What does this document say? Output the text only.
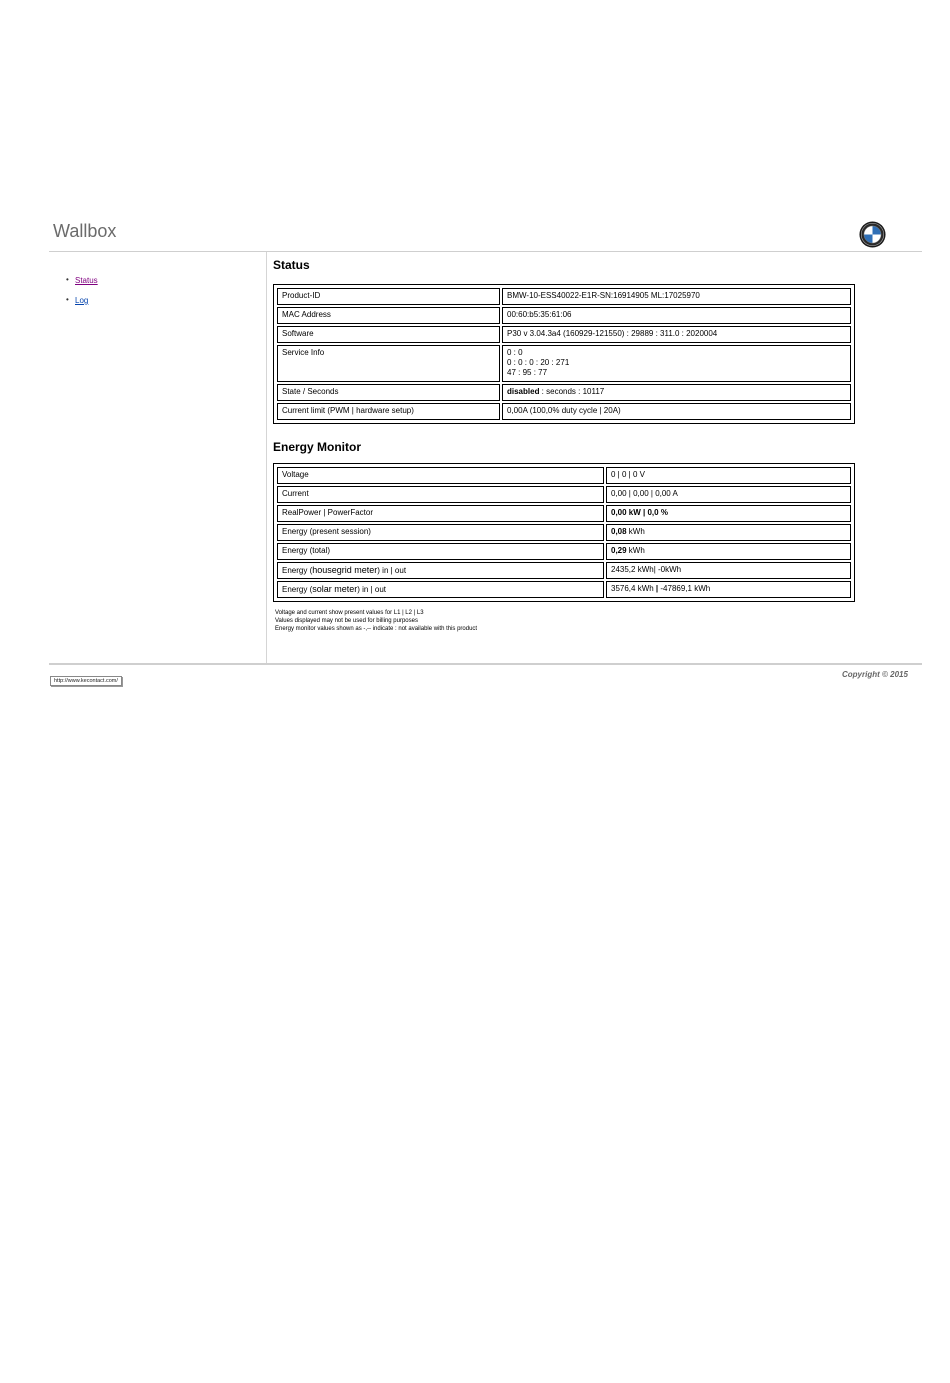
Wallbox
• Status
• Log
Status
Product-ID	BMW-10-ESS40022-E1R-SN:16914905 ML:17025970
MAC Address	00:60:b5:35:61:06
Software	P30 v 3.04.3a4 (160929-121550) : 29889 : 311.0 : 2020004
Service Info	0 : 0
0 : 0 : 0 : 20 : 271
47 : 95 : 77

State / Seconds	disabled : seconds : 10117
Current limit (PWM | hardware setup)	0,00A (100,0% duty cycle | 20A)
Energy Monitor
Voltage	0 | 0 | 0 V
Current	0,00 | 0,00 | 0,00 A
RealPower | PowerFactor	0,00 kW | 0,0 %
Energy (present session)	0,08 kWh
Energy (total)	0,29 kWh
Energy (housegrid meter) in | out	2435,2 kWh| -0kWh
Energy (solar meter) in | out	3576,4 kWh | -47869,1 kWh
Voltage and current show present values for L1 | L2 | L3
Values displayed may not be used for billing purposes
Energy monitor values shown as -,-- indicate : not available with this product
http://www.kecontact.com/
Copyright © 2015
